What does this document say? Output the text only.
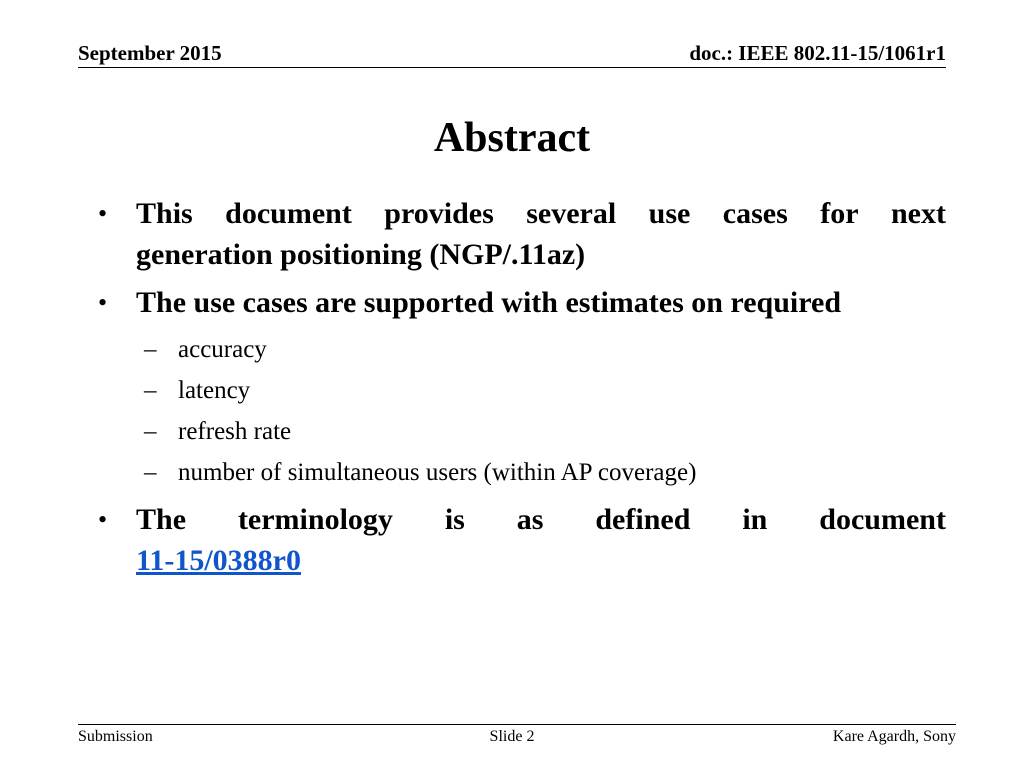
September 2015	doc.: IEEE 802.11-15/1061r1
Abstract
• This document provides several use cases for next
generation positioning (NGP/.11az)
• The use cases are supported with estimates on required
– accuracy
– latency
– refresh rate
– number of simultaneous users (within AP coverage)
• The terminology is as defined in document
11-15/0388r0
Submission	Slide 2	Kare Agardh, Sony
